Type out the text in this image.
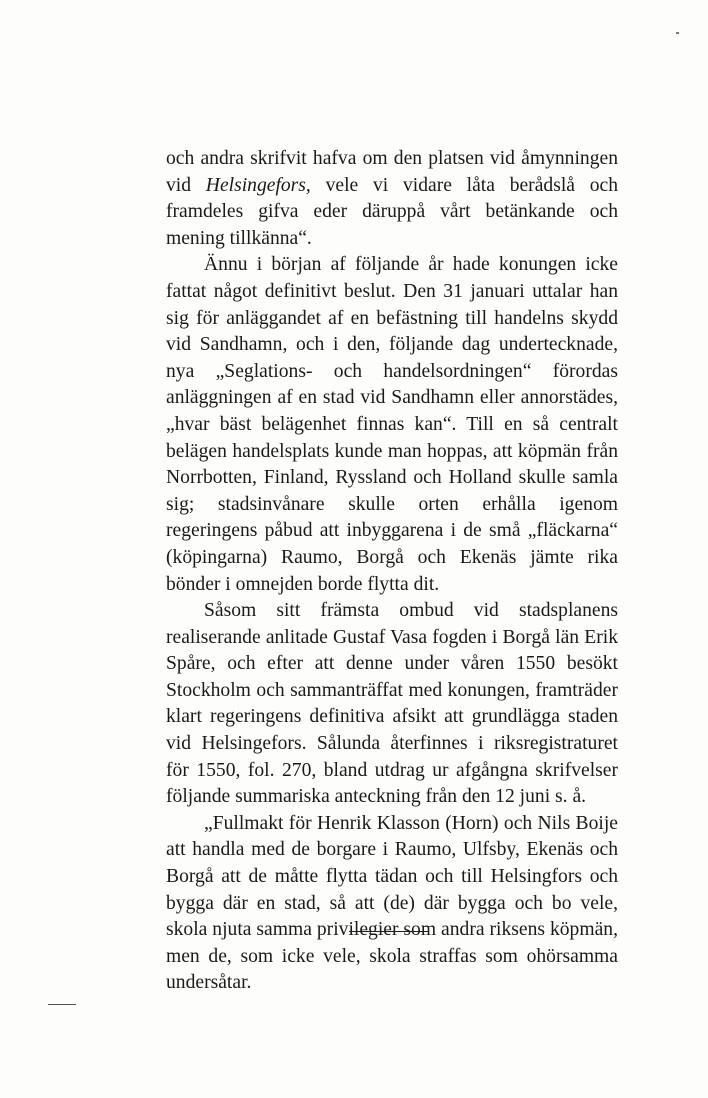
och andra skrifvit hafva om den platsen vid åmynningen vid Helsingefors, vele vi vidare låta berådslå och framdeles gifva eder däruppå vårt betänkande och mening tillkänna“.

Ännu i början af följande år hade konungen icke fattat något definitivt beslut. Den 31 januari uttalar han sig för anläggandet af en befästning till handelns skydd vid Sandhamn, och i den, följande dag undertecknade, nya „Seglations- och handelsordningen“ förordas anläggningen af en stad vid Sandhamn eller annorstädes, „hvar bäst belägenhet finnas kan“. Till en så centralt belägen handelsplats kunde man hoppas, att köpmän från Norrbotten, Finland, Ryssland och Holland skulle samla sig; stadsinvånare skulle orten erhålla igenom regeringens påbud att inbyggarena i de små „fläckarna“ (köpingarna) Raumo, Borgå och Ekenäs jämte rika bönder i omnejden borde flytta dit.

Såsom sitt främsta ombud vid stadsplanens realiserande anlitade Gustaf Vasa fogden i Borgå län Erik Spåre, och efter att denne under våren 1550 besökt Stockholm och sammanträffat med konungen, framträder klart regeringens definitiva afsikt att grundlägga staden vid Helsingefors. Sålunda återfinnes i riksregistraturet för 1550, fol. 270, bland utdrag ur afgångna skrifvelser följande summariska anteckning från den 12 juni s. å.

„Fullmakt för Henrik Klasson (Horn) och Nils Boije att handla med de borgare i Raumo, Ulfsby, Ekenäs och Borgå att de måtte flytta tädan och till Helsingfors och bygga där en stad, så att (de) där bygga och bo vele, skola njuta samma privilegier som andra riksens köpmän, men de, som icke vele, skola straffas som ohörsamma undersåtar.
